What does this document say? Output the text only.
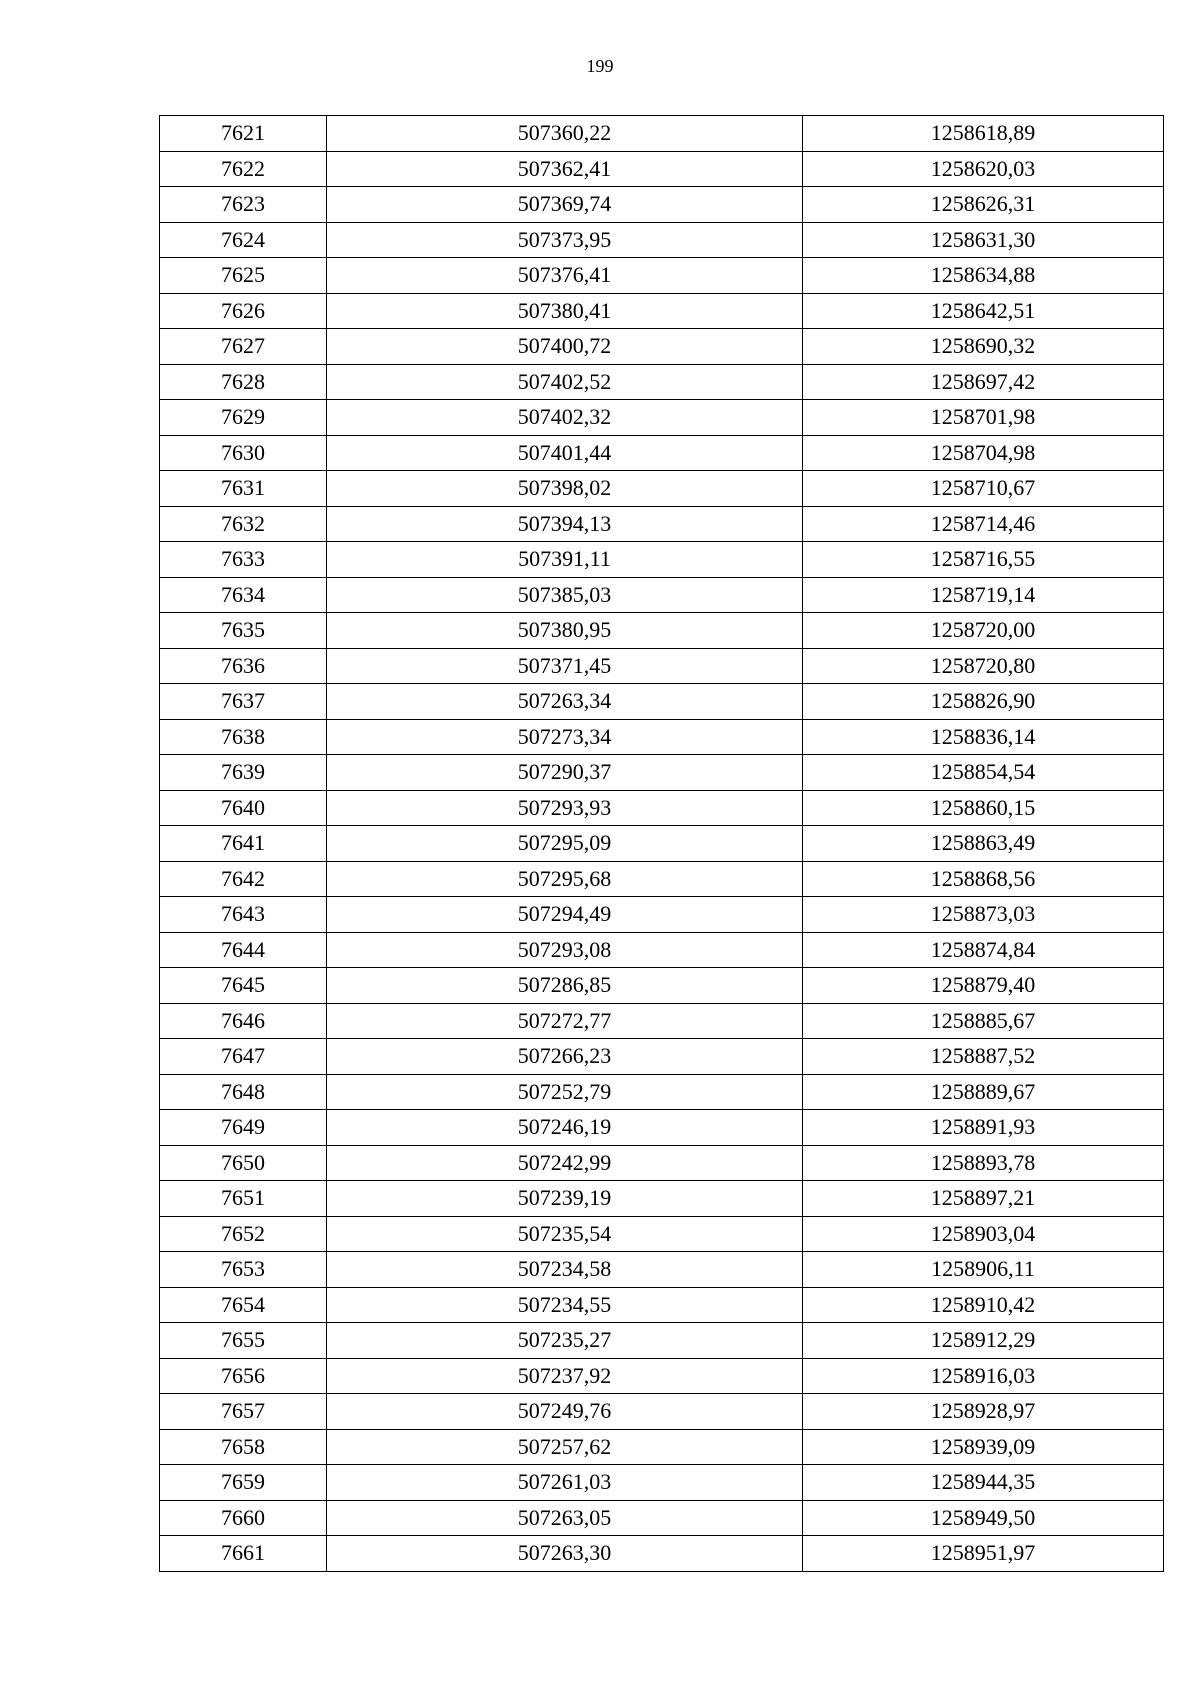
199
7621	507360,22	1258618,89
7622	507362,41	1258620,03
7623	507369,74	1258626,31
7624	507373,95	1258631,30
7625	507376,41	1258634,88
7626	507380,41	1258642,51
7627	507400,72	1258690,32
7628	507402,52	1258697,42
7629	507402,32	1258701,98
7630	507401,44	1258704,98
7631	507398,02	1258710,67
7632	507394,13	1258714,46
7633	507391,11	1258716,55
7634	507385,03	1258719,14
7635	507380,95	1258720,00
7636	507371,45	1258720,80
7637	507263,34	1258826,90
7638	507273,34	1258836,14
7639	507290,37	1258854,54
7640	507293,93	1258860,15
7641	507295,09	1258863,49
7642	507295,68	1258868,56
7643	507294,49	1258873,03
7644	507293,08	1258874,84
7645	507286,85	1258879,40
7646	507272,77	1258885,67
7647	507266,23	1258887,52
7648	507252,79	1258889,67
7649	507246,19	1258891,93
7650	507242,99	1258893,78
7651	507239,19	1258897,21
7652	507235,54	1258903,04
7653	507234,58	1258906,11
7654	507234,55	1258910,42
7655	507235,27	1258912,29
7656	507237,92	1258916,03
7657	507249,76	1258928,97
7658	507257,62	1258939,09
7659	507261,03	1258944,35
7660	507263,05	1258949,50
7661	507263,30	1258951,97
